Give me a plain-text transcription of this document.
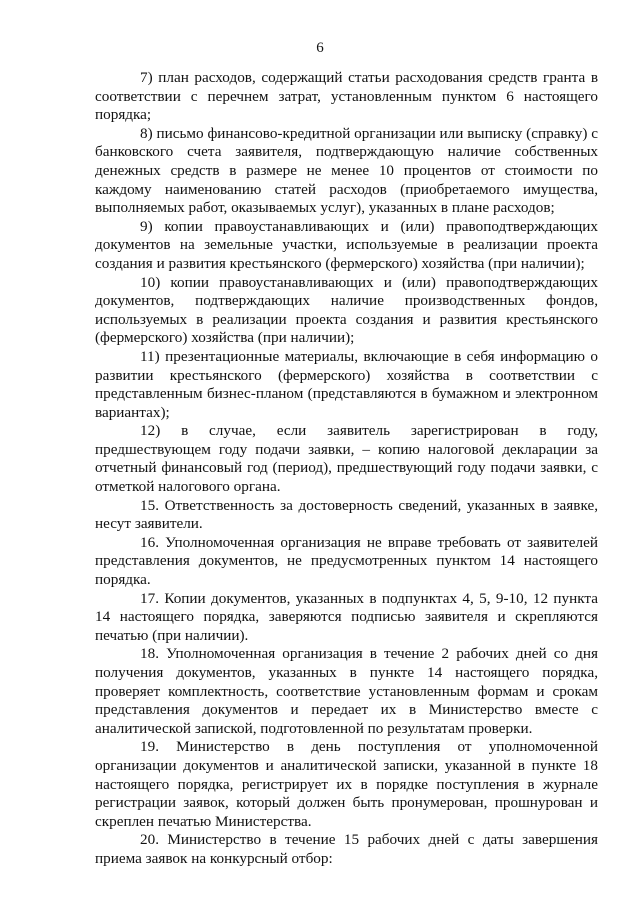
6

7) план расходов, содержащий статьи расходования средств гранта в соответствии с перечнем затрат, установленным пунктом 6 настоящего порядка;

8) письмо финансово-кредитной организации или выписку (справку) с банковского счета заявителя, подтверждающую наличие собственных денежных средств в размере не менее 10 процентов от стоимости по каждому наименованию статей расходов (приобретаемого имущества, выполняемых работ, оказываемых услуг), указанных в плане расходов;

9) копии правоустанавливающих и (или) правоподтверждающих документов на земельные участки, используемые в реализации проекта создания и развития крестьянского (фермерского) хозяйства (при наличии);

10) копии правоустанавливающих и (или) правоподтверждающих документов, подтверждающих наличие производственных фондов, используемых в реализации проекта создания и развития крестьянского (фермерского) хозяйства (при наличии);

11) презентационные материалы, включающие в себя информацию о развитии крестьянского (фермерского) хозяйства в соответствии с представленным бизнес-планом (представляются в бумажном и электронном вариантах);

12) в случае, если заявитель зарегистрирован в году, предшествующем году подачи заявки, – копию налоговой декларации за отчетный финансовый год (период), предшествующий году подачи заявки, с отметкой налогового органа.

15. Ответственность за достоверность сведений, указанных в заявке, несут заявители.

16. Уполномоченная организация не вправе требовать от заявителей представления документов, не предусмотренных пунктом 14 настоящего порядка.

17. Копии документов, указанных в подпунктах 4, 5, 9-10, 12 пункта 14 настоящего порядка, заверяются подписью заявителя и скрепляются печатью (при наличии).

18. Уполномоченная организация в течение 2 рабочих дней со дня получения документов, указанных в пункте 14 настоящего порядка, проверяет комплектность, соответствие установленным формам и срокам представления документов и передает их в Министерство вместе с аналитической запиской, подготовленной по результатам проверки.

19. Министерство в день поступления от уполномоченной организации документов и аналитической записки, указанной в пункте 18 настоящего порядка, регистрирует их в порядке поступления в журнале регистрации заявок, который должен быть пронумерован, прошнурован и скреплен печатью Министерства.

20. Министерство в течение 15 рабочих дней с даты завершения приема заявок на конкурсный отбор:
